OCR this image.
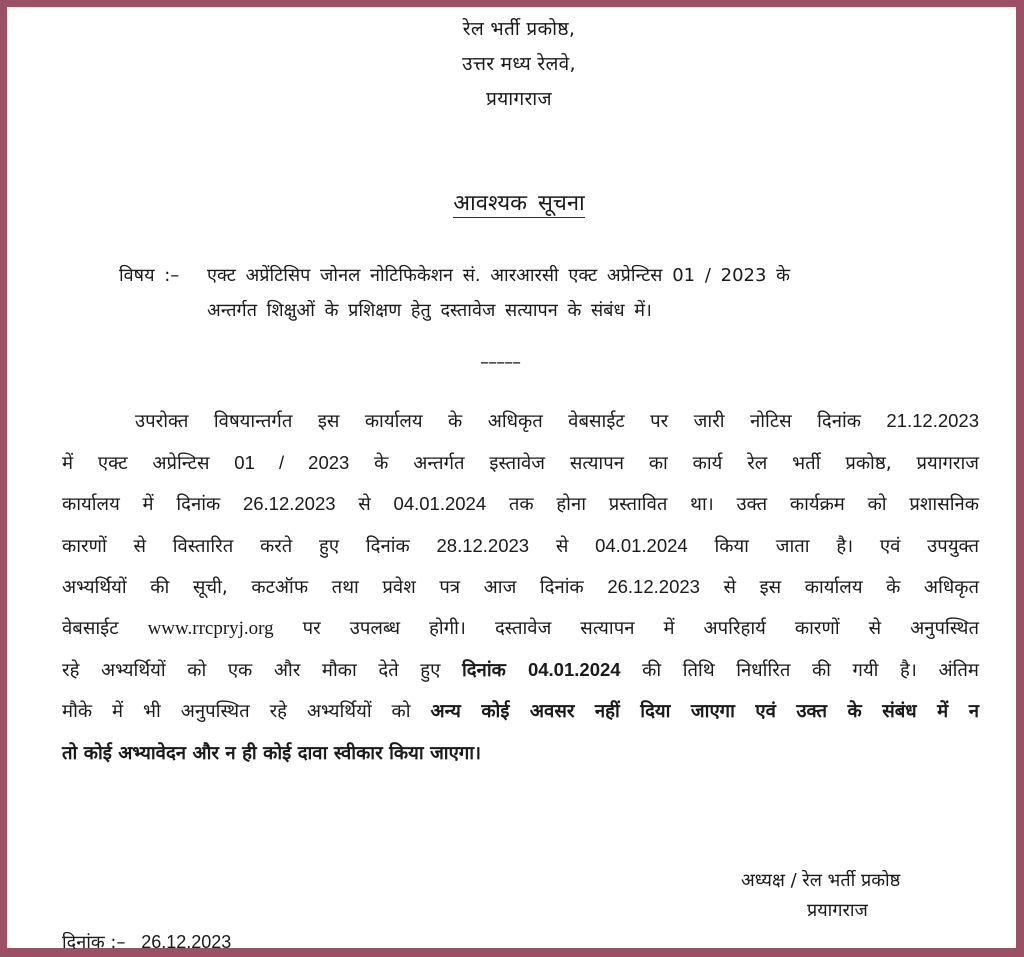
रेल भर्ती प्रकोष्ठ,
उत्तर मध्य रेलवे,
प्रयागराज
आवश्यक सूचना
विषय :– एक्ट अप्रेंटिसिप जोनल नोटिफिकेशन सं. आरआरसी एक्ट अप्रेन्टिस 01 / 2023 के
अन्तर्गत शिक्षुओं के प्रशिक्षण हेतु दस्तावेज सत्यापन के संबंध में।
–––––
उपरोक्त विषयान्तर्गत इस कार्यालय के अधिकृत वेबसाईट पर जारी नोटिस दिनांक 21.12.2023
में एक्ट अप्रेन्टिस 01 / 2023 के अन्तर्गत इस्तावेज सत्यापन का कार्य रेल भर्ती प्रकोष्ठ, प्रयागराज
कार्यालय में दिनांक 26.12.2023 से 04.01.2024 तक होना प्रस्तावित था। उक्त कार्यक्रम को प्रशासनिक
कारणों से विस्तारित करते हुए दिनांक 28.12.2023 से 04.01.2024 किया जाता है। एवं उपयुक्त
अभ्यर्थियों की सूची, कटऑफ तथा प्रवेश पत्र आज दिनांक 26.12.2023 से इस कार्यालय के अधिकृत
वेबसाईट www.rrcpryj.org पर उपलब्ध होगी। दस्तावेज सत्यापन में अपरिहार्य कारणों से अनुपस्थित
रहे अभ्यर्थियों को एक और मौका देते हुए दिनांक 04.01.2024 की तिथि निर्धारित की गयी है। अंतिम
मौके में भी अनुपस्थित रहे अभ्यर्थियों को अन्य कोई अवसर नहीं दिया जाएगा एवं उक्त के संबंध में न
तो कोई अभ्यावेदन और न ही कोई दावा स्वीकार किया जाएगा।
अध्यक्ष / रेल भर्ती प्रकोष्ठ
प्रयागराज
दिनांक :– 26.12.2023
